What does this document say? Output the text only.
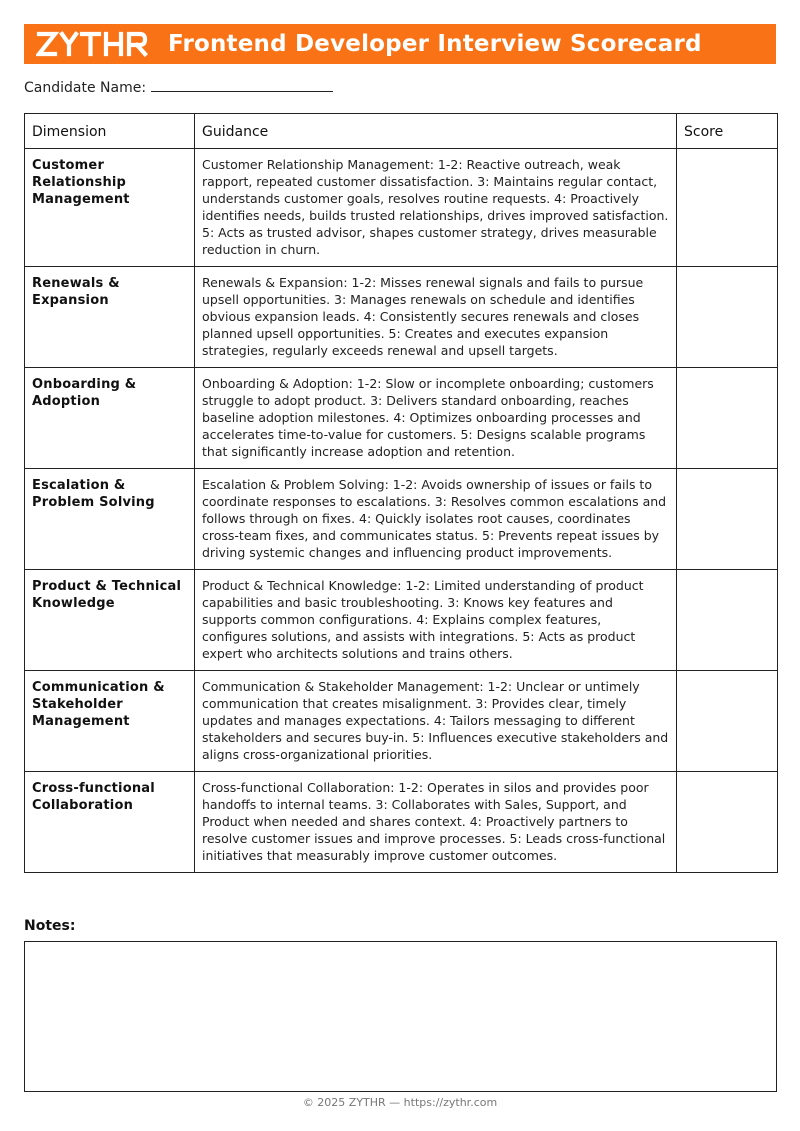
Frontend Developer Interview Scorecard
Candidate Name:
Dimension	Guidance	Score
Customer Relationship Management	Customer Relationship Management: 1-2: Reactive outreach, weak rapport, repeated customer dissatisfaction. 3: Maintains regular contact, understands customer goals, resolves routine requests. 4: Proactively identifies needs, builds trusted relationships, drives improved satisfaction. 5: Acts as trusted advisor, shapes customer strategy, drives measurable reduction in churn.	
Renewals & Expansion	Renewals & Expansion: 1-2: Misses renewal signals and fails to pursue upsell opportunities. 3: Manages renewals on schedule and identifies obvious expansion leads. 4: Consistently secures renewals and closes planned upsell opportunities. 5: Creates and executes expansion strategies, regularly exceeds renewal and upsell targets.	
Onboarding & Adoption	Onboarding & Adoption: 1-2: Slow or incomplete onboarding; customers struggle to adopt product. 3: Delivers standard onboarding, reaches baseline adoption milestones. 4: Optimizes onboarding processes and accelerates time-to-value for customers. 5: Designs scalable programs that significantly increase adoption and retention.	
Escalation & Problem Solving	Escalation & Problem Solving: 1-2: Avoids ownership of issues or fails to coordinate responses to escalations. 3: Resolves common escalations and follows through on fixes. 4: Quickly isolates root causes, coordinates cross-team fixes, and communicates status. 5: Prevents repeat issues by driving systemic changes and influencing product improvements.	
Product & Technical Knowledge	Product & Technical Knowledge: 1-2: Limited understanding of product capabilities and basic troubleshooting. 3: Knows key features and supports common configurations. 4: Explains complex features, configures solutions, and assists with integrations. 5: Acts as product expert who architects solutions and trains others.	
Communication & Stakeholder Management	Communication & Stakeholder Management: 1-2: Unclear or untimely communication that creates misalignment. 3: Provides clear, timely updates and manages expectations. 4: Tailors messaging to different stakeholders and secures buy-in. 5: Influences executive stakeholders and aligns cross-organizational priorities.	
Cross-functional Collaboration	Cross-functional Collaboration: 1-2: Operates in silos and provides poor handoffs to internal teams. 3: Collaborates with Sales, Support, and Product when needed and shares context. 4: Proactively partners to resolve customer issues and improve processes. 5: Leads cross-functional initiatives that measurably improve customer outcomes.	
Notes:
© 2025 ZYTHR — https://zythr.com
